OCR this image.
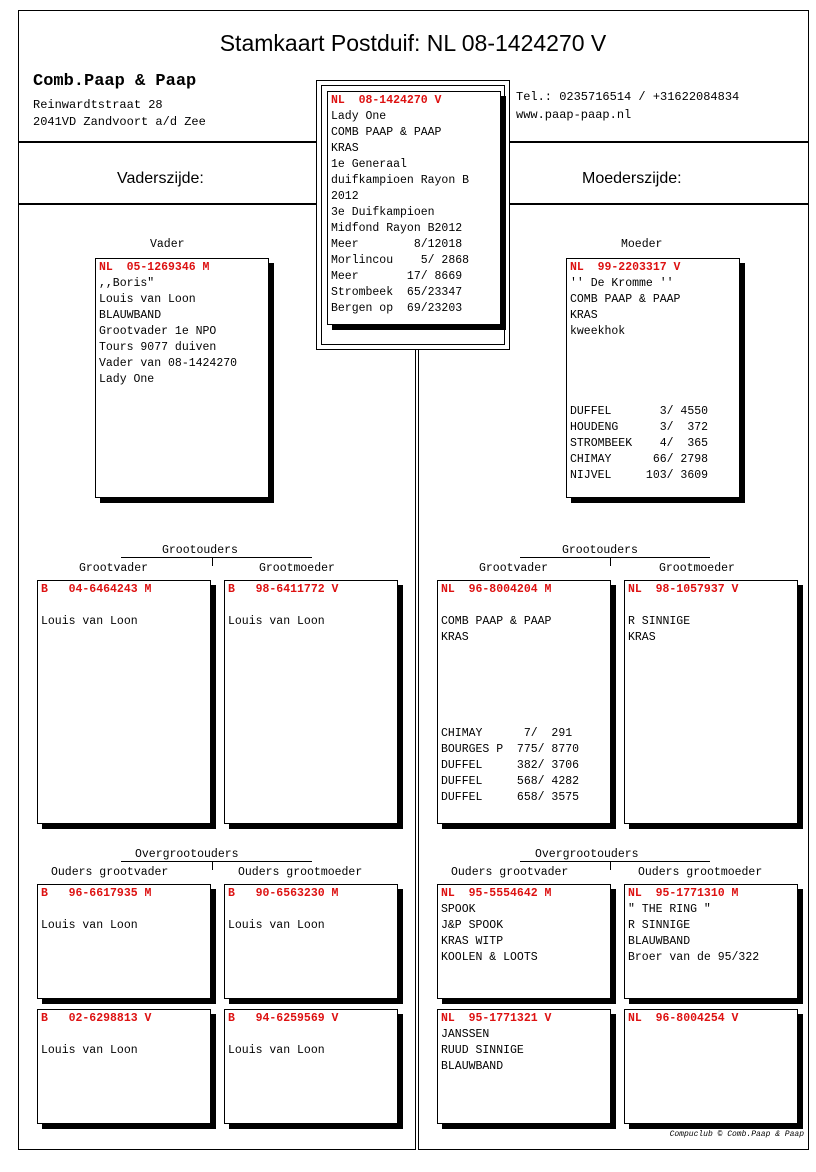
Stamkaart Postduif: NL 08-1424270 V
Comb.Paap & Paap
Reinwardtstraat 28
2041VD Zandvoort a/d Zee
Tel.: 0235716514 / +31622084834
www.paap-paap.nl
Vaderszijde:	Moederszijde:
NL  08-1424270 V
Lady One
COMB PAAP & PAAP
KRAS
1e Generaal
duifkampioen Rayon B
2012
3e Duifkampioen
Midfond Rayon B2012
Meer        8/12018
Morlincou    5/ 2868
Meer       17/ 8669
Strombeek  65/23347
Bergen op  69/23203
Vader
NL  05-1269346 M
,,Boris"
Louis van Loon
BLAUWBAND
Grootvader 1e NPO
Tours 9077 duiven
Vader van 08-1424270
Lady One
Moeder
NL  99-2203317 V
'' De Kromme ''
COMB PAAP & PAAP
KRAS
kweekhok

DUFFEL       3/ 4550
HOUDENG      3/  372
STROMBEEK    4/  365
CHIMAY      66/ 2798
NIJVEL     103/ 3609
Grootouders
Grootvader	Grootmoeder
B   04-6464243 M

Louis van Loon
B   98-6411772 V

Louis van Loon
Grootouders
Grootvader	Grootmoeder
NL  96-8004204 M

COMB PAAP & PAAP
KRAS

CHIMAY      7/  291
BOURGES P  775/ 8770
DUFFEL     382/ 3706
DUFFEL     568/ 4282
DUFFEL     658/ 3575
NL  98-1057937 V

R SINNIGE
KRAS
Overgrootouders
Ouders grootvader	Ouders grootmoeder
B   96-6617935 M

Louis van Loon
B   90-6563230 M

Louis van Loon
B   02-6298813 V

Louis van Loon
B   94-6259569 V

Louis van Loon
Overgrootouders
Ouders grootvader	Ouders grootmoeder
NL  95-5554642 M
SPOOK
J&P SPOOK
KRAS WITP
KOOLEN & LOOTS
NL  95-1771310 M
" THE RING "
R SINNIGE
BLAUWBAND
Broer van de 95/322
NL  95-1771321 V
JANSSEN
RUUD SINNIGE
BLAUWBAND
NL  96-8004254 V
Compuclub © Comb.Paap & Paap
